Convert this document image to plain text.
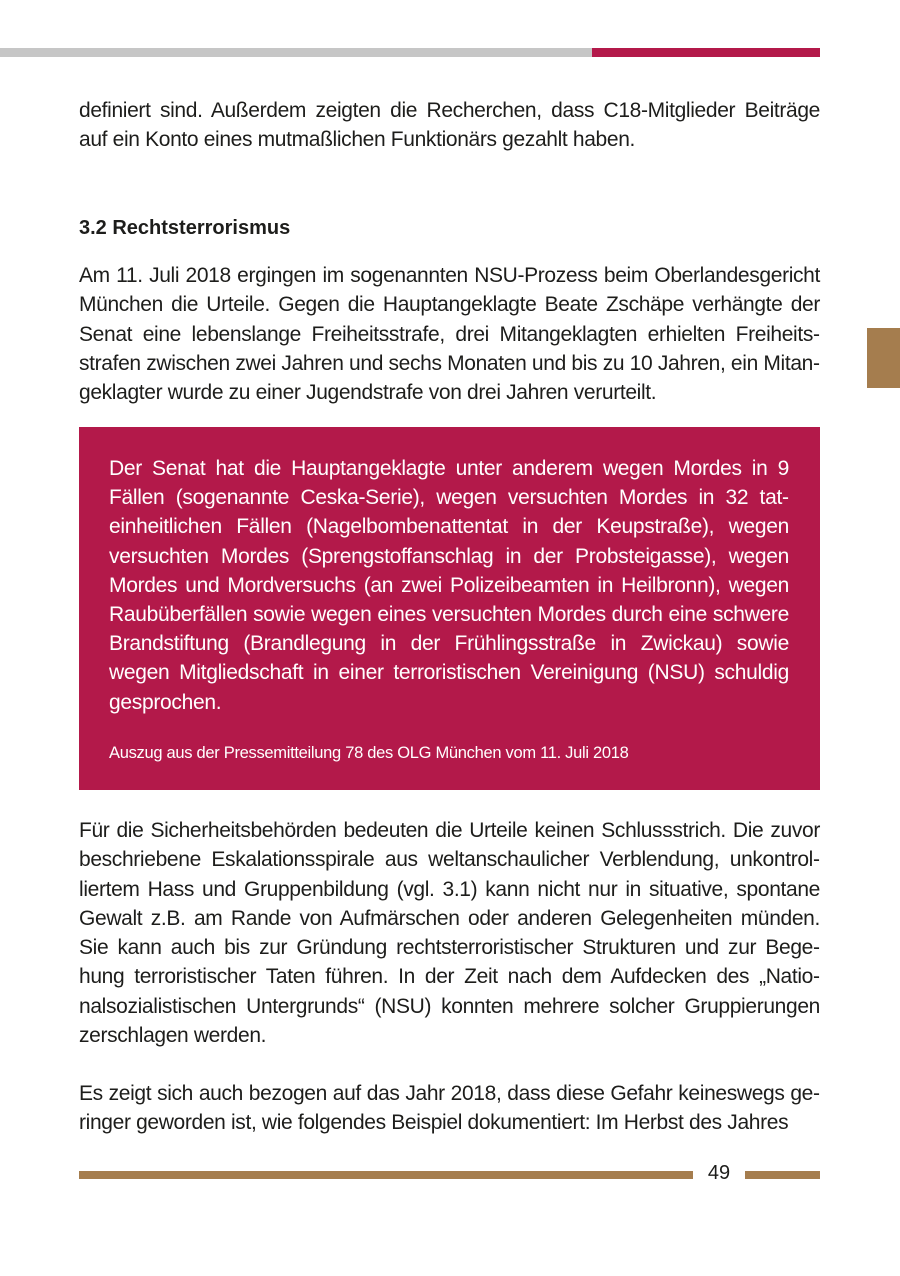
definiert sind. Außerdem zeigten die Recherchen, dass C18-Mitglieder Beiträge auf ein Konto eines mutmaßlichen Funktionärs gezahlt haben.

3.2 Rechtsterrorismus

Am 11. Juli 2018 ergingen im sogenannten NSU-Prozess beim Oberlandesgericht München die Urteile. Gegen die Hauptangeklagte Beate Zschäpe verhängte der Senat eine lebenslange Freiheitsstrafe, drei Mitangeklagten erhielten Freiheitsstrafen zwischen zwei Jahren und sechs Monaten und bis zu 10 Jahren, ein Mitangeklagter wurde zu einer Jugendstrafe von drei Jahren verurteilt.

Der Senat hat die Hauptangeklagte unter anderem wegen Mordes in 9 Fällen (sogenannte Ceska-Serie), wegen versuchten Mordes in 32 tateinheitlichen Fällen (Nagelbombenattentat in der Keupstraße), wegen versuchten Mordes (Sprengstoffanschlag in der Probsteigasse), wegen Mordes und Mordversuchs (an zwei Polizeibeamten in Heilbronn), wegen Raubüberfällen sowie wegen eines versuchten Mordes durch eine schwere Brandstiftung (Brandlegung in der Frühlingsstraße in Zwickau) sowie wegen Mitgliedschaft in einer terroristischen Vereinigung (NSU) schuldig gesprochen.

Auszug aus der Pressemitteilung 78 des OLG München vom 11. Juli 2018

Für die Sicherheitsbehörden bedeuten die Urteile keinen Schlussstrich. Die zuvor beschriebene Eskalationsspirale aus weltanschaulicher Verblendung, unkontrolliertem Hass und Gruppenbildung (vgl. 3.1) kann nicht nur in situative, spontane Gewalt z.B. am Rande von Aufmärschen oder anderen Gelegenheiten münden. Sie kann auch bis zur Gründung rechtsterroristischer Strukturen und zur Begehung terroristischer Taten führen. In der Zeit nach dem Aufdecken des „Nationalsozialistischen Untergrunds“ (NSU) konnten mehrere solcher Gruppierungen zerschlagen werden.

Es zeigt sich auch bezogen auf das Jahr 2018, dass diese Gefahr keineswegs geringer geworden ist, wie folgendes Beispiel dokumentiert: Im Herbst des Jahres

49
